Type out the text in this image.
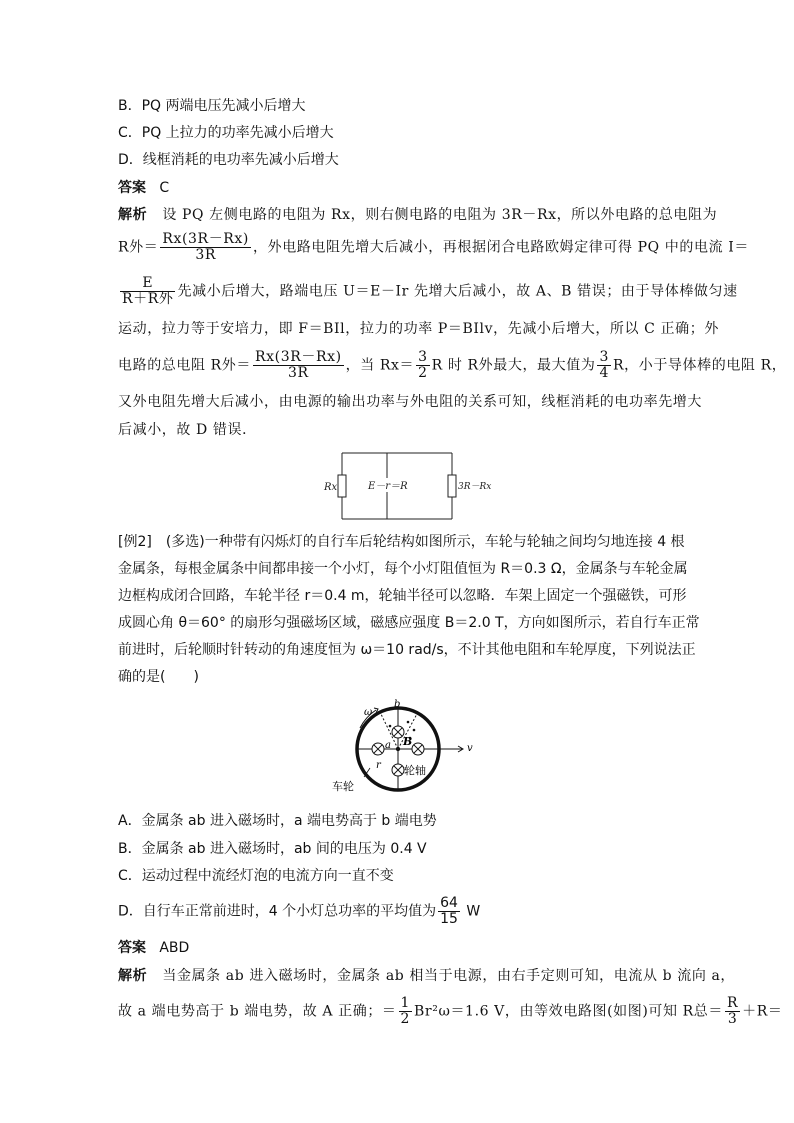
B．PQ 两端电压先减小后增大
C．PQ 上拉力的功率先减小后增大
D．线框消耗的电功率先减小后增大
答案 C
解析 设 PQ 左侧电路的电阻为 Rx，则右侧电路的电阻为 3R－Rx，所以外电路的总电阻为
R外＝ $\frac{Rx(3R-Rx)}{3R}$ ，外电路电阻先增大后减小，再根据闭合电路欧姆定律可得 PQ 中的电流 I＝
$\frac{E}{\text{R＋R外}}$ 先减小后增大，路端电压 U＝E－Ir 先增大后减小，故 A、B 错误；由于导体棒做匀速
运动，拉力等于安培力，即 F＝BIl，拉力的功率 P＝BIlv，先减小后增大，所以 C 正确；外
电路的总电阻 R外＝ $\frac{Rx(3R-Rx)}{3R}$ ，当 $Rx= \frac{3}{2}$ R 时 R外最大，最大值为 $\frac{3}{4}$ R，小于导体棒的电阻 R，
又外电阻先增大后减小，由电源的输出功率与外电阻的关系可知，线框消耗的电功率先增大
后减小，故 D 错误．
Rx	E－r＝R	3R－Rx
[例2]　(多选)一种带有闪烁灯的自行车后轮结构如图所示，车轮与轮轴之间均匀地连接 4 根
金属条，每根金属条中间都串接一个小灯，每个小灯阻值恒为 R＝0.3 Ω，金属条与车轮金属
边框构成闭合回路，车轮半径 r＝0.4 m，轮轴半径可以忽略．车架上固定一个强磁铁，可形
成圆心角 θ＝60° 的扇形匀强磁场区域，磁感应强度 B＝2.0 T，方向如图所示，若自行车正常
前进时，后轮顺时针转动的角速度恒为 ω＝10 rad/s，不计其他电阻和车轮厚度，下列说法正
确的是(　　)
ω
v
b
B
a
r 轮轴
车轮
A．金属条 ab 进入磁场时，a 端电势高于 b 端电势
B．金属条 ab 进入磁场时，ab 间的电压为 0.4 V
C．运动过程中流经灯泡的电流方向一直不变
D．自行车正常前进时，4 个小灯总功率的平均值为 $\frac{64}{15}$ W
答案 ABD
解析 当金属条 ab 进入磁场时，金属条 ab 相当于电源，由右手定则可知，电流从 b 流向 a，
故 a 端电势高于 b 端电势，故 A 正确；＝ $\frac{1}{2} Br^2\omega=1.6$ V，由等效电路图(如图)可知 R总＝ $\frac{R}{3} +R=$
